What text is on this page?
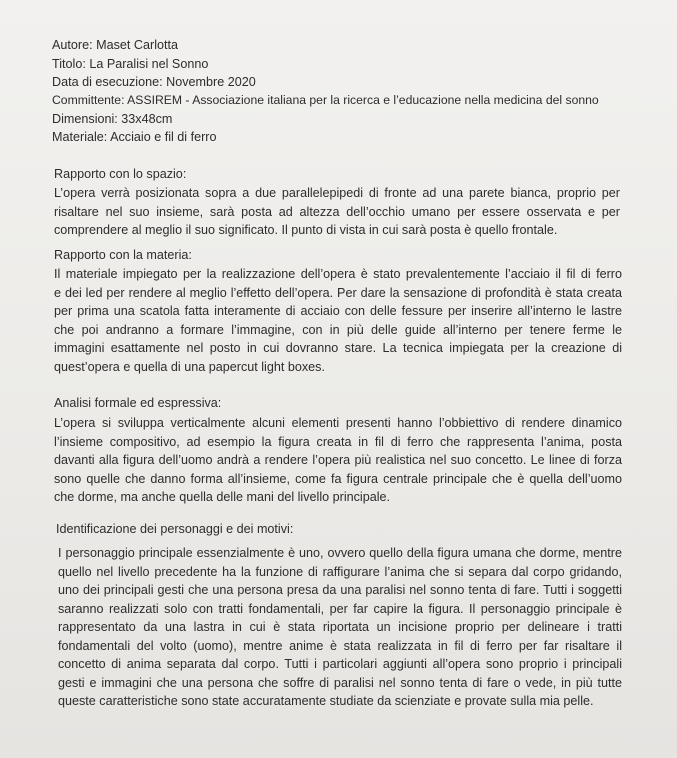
Autore: Maset Carlotta
Titolo: La Paralisi nel Sonno
Data di esecuzione: Novembre 2020
Committente: ASSIREM - Associazione italiana per la ricerca e l’educazione nella medicina del sonno
Dimensioni: 33x48cm
Materiale: Acciaio e fil di ferro
Rapporto con lo spazio:
L’opera verrà posizionata sopra a due parallelepipedi di fronte ad una parete bianca, proprio per
risaltare nel suo insieme, sarà posta ad altezza dell’occhio umano per essere osservata e per
comprendere al meglio il suo significato. Il punto di vista in cui sarà posta è quello frontale.
Rapporto con la materia:
Il materiale impiegato per la realizzazione dell’opera è stato prevalentemente l’acciaio il fil di ferro
e dei led per rendere al meglio l’effetto dell’opera. Per dare la sensazione di profondità è stata creata
per prima una scatola fatta interamente di acciaio con delle fessure per inserire all’interno le lastre
che poi andranno a formare l’immagine, con in più delle guide all’interno per tenere ferme le
immagini esattamente nel posto in cui dovranno stare. La tecnica impiegata per la creazione di
quest’opera e quella di una papercut light boxes.
Analisi formale ed espressiva:
L’opera si sviluppa verticalmente alcuni elementi presenti hanno l’obbiettivo di rendere dinamico
l’insieme compositivo, ad esempio la figura creata in fil di ferro che rappresenta l’anima, posta
davanti alla figura dell’uomo andrà a rendere l’opera più realistica nel suo concetto. Le linee di forza
sono quelle che danno forma all’insieme, come fa figura centrale principale che è quella dell’uomo
che dorme, ma anche quella delle mani del livello principale.
Identificazione dei personaggi e dei motivi:
I personaggio principale essenzialmente è uno, ovvero quello della figura umana che dorme, mentre
quello nel livello precedente ha la funzione di raffigurare l’anima che si separa dal corpo gridando,
uno dei principali gesti che una persona presa da una paralisi nel sonno tenta di fare. Tutti i soggetti
saranno realizzati solo con tratti fondamentali, per far capire la figura. Il personaggio principale è
rappresentato da una lastra in cui è stata riportata un incisione proprio per delineare i tratti
fondamentali del volto (uomo), mentre anime è stata realizzata in fil di ferro per far risaltare il
concetto di anima separata dal corpo. Tutti i particolari aggiunti all’opera sono proprio i principali
gesti e immagini che una persona che soffre di paralisi nel sonno tenta di fare o vede, in più tutte
queste caratteristiche sono state accuratamente studiate da scienziate e provate sulla mia pelle.
